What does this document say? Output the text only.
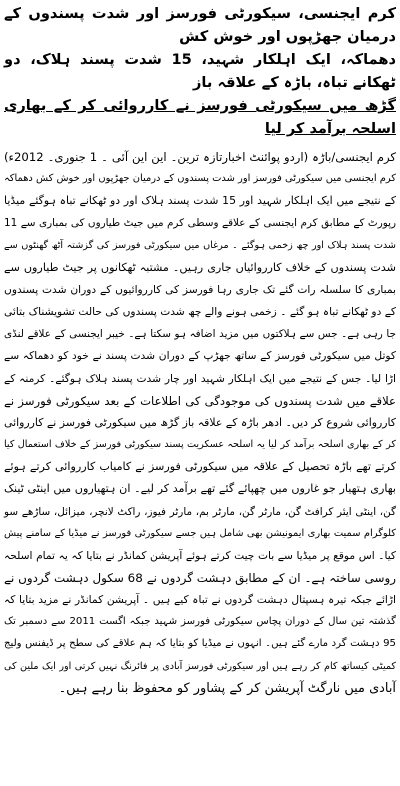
کرم ایجنسی، سیکورٹی فورسز اور شدت پسندوں کے درمیان جھڑپوں اور خوش کش
دھماکہ، ایک اہلکار شہید، 15 شدت پسند ہلاک، دو ٹھکانے تباہ، باڑہ کے علاقہ باز
گڑھ میں سیکورٹی فورسز نے کارروائی کر کے بھاری اسلحہ برآمد کر لیا
کرم ایجنسی/باڑہ (اردو پوائنٹ اخبارتازہ ترین۔ این این آئی ۔ 1 جنوری۔ 2012ء)
کرم ایجنسی میں سیکورٹی فورسز اور شدت پسندوں کے درمیان جھڑپوں اور خوش کش دھماکہ
کے نتیجے میں ایک اہلکار شہید اور 15 شدت پسند ہلاک اور دو ٹھکانے تباہ ہوگئے میڈیا
رپورٹ کے مطابق کرم ایجنسی کے علاقے وسطی کرم میں جیٹ طیاروں کی بمباری سے 11
شدت پسند ہلاک اور چھ زخمی ہوگئے ۔ مرغاں میں سیکورٹی فورسز کی گزشتہ آٹھ گھنٹوں سے
شدت پسندوں کے خلاف کارروائیاں جاری رہیں۔ مشتبہ ٹھکانوں پر جیٹ طیاروں سے
بمباری کا سلسلہ رات گئے تک جاری رہا فورسز کی کارروائیوں کے دوران شدت پسندوں
کے دو ٹھکانے تباہ ہو گئے ۔ زخمی ہونے والے چھ شدت پسندوں کی حالت تشویشناک بتائی
جا رہی ہے۔ جس سے ہلاکتوں میں مزید اضافہ ہو سکتا ہے۔ خیبر ایجنسی کے علاقے لنڈی
کوتل میں سیکورٹی فورسز کے ساتھ جھڑپ کے دوران شدت پسند نے خود کو دھماکہ سے
اڑا لیا۔ جس کے نتیجے میں ایک اہلکار شہید اور چار شدت پسند ہلاک ہوگئے۔ کرمنہ کے
علاقے میں شدت پسندوں کی موجودگی کی اطلاعات کے بعد سیکورٹی فورسز نے
کارروائی شروع کر دیں۔ ادھر باڑہ کے علاقہ باز گڑھ میں سیکورٹی فورسز نے کارروائی
کر کے بھاری اسلحہ برآمد کر لیا یہ اسلحہ عسکریت پسند سیکورٹی فورسز کے خلاف استعمال کیا
کرتے تھے باڑہ تحصیل کے علاقہ میں سیکورٹی فورسز نے کامیاب کارروائی کرتے ہوئے
بھاری ہتھیار جو غاروں میں چھپائے گئے تھے برآمد کر لیے۔ ان ہتھیاروں میں اینٹی ٹینک
گن، اینٹی ایئر کرافٹ گن، مارٹر گن، مارٹر بم، مارٹر فیوز، راکٹ لانچر، میزائل، ساڑھے سو
کلوگرام سمیت بھاری ایمونیشن بھی شامل ہیں جسے سیکورٹی فورسز نے میڈیا کے سامنے پیش
کیا۔ اس موقع پر میڈیا سے بات چیت کرتے ہوئے آپریشن کمانڈر نے بتایا کہ یہ تمام اسلحہ
روسی ساختہ ہے۔ ان کے مطابق دہشت گردوں نے 68 سکول دہشت گردوں نے
اڑائے جبکہ تیرہ ہسپتال دہشت گردوں نے تباہ کیے ہیں ۔ آپریشن کمانڈر نے مزید بتایا کہ
گذشتہ تین سال کے دوران پچاس سیکورٹی فورسز شہید جبکہ اگست 2011 سے دسمبر تک
95 دہشت گرد مارے گئے ہیں۔ انہوں نے میڈیا کو بتایا کہ ہم علاقے کی سطح پر ڈیفنس ولیج
کمیٹی کیساتھ کام کر رہے ہیں اور سیکورٹی فورسز آبادی پر فائرنگ نہیں کرتی اور ایک ملین کی
آبادی میں نارگٹ آپریشن کر کے پشاور کو محفوظ بنا رہے ہیں۔
